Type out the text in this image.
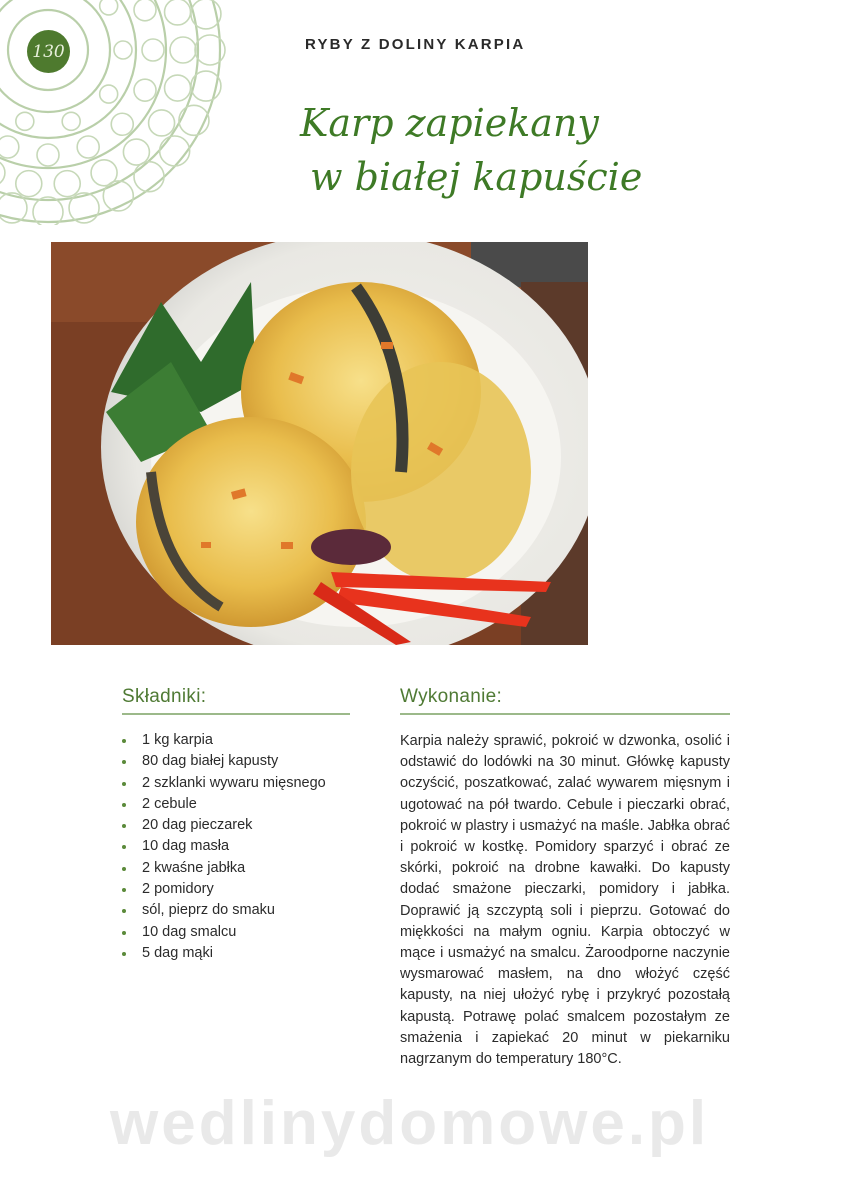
130	RYBY Z DOLINY KARPIA
Karp zapiekany
w białej kapuście
Składniki:
1 kg karpia
80 dag białej kapusty
2 szklanki wywaru mięsnego
2 cebule
20 dag pieczarek
10 dag masła
2 kwaśne jabłka
2 pomidory
sól, pieprz do smaku
10 dag smalcu
5 dag mąki
Wykonanie:
Karpia należy sprawić, pokroić w dzwonka, osolić i odstawić do lodówki na 30 minut. Główkę kapusty oczyścić, poszatkować, zalać wywarem mięsnym i ugotować na pół twardo. Cebule i pieczarki obrać, pokroić w plastry i usmażyć na maśle. Jabłka obrać i pokroić w kostkę. Pomidory sparzyć i obrać ze skórki, pokroić na drobne kawałki. Do kapusty dodać smażone pieczarki, pomidory i jabłka. Doprawić ją szczyptą soli i pieprzu. Gotować do miękkości na małym ogniu. Karpia obtoczyć w mące i usmażyć na smalcu. Żaroodporne naczynie wysmarować masłem, na dno włożyć część kapusty, na niej ułożyć rybę i przykryć pozostałą kapustą. Potrawę polać smalcem pozostałym ze smażenia i zapiekać 20 minut w piekarniku nagrzanym do temperatury 180°C.
wedlinydomowe.pl
